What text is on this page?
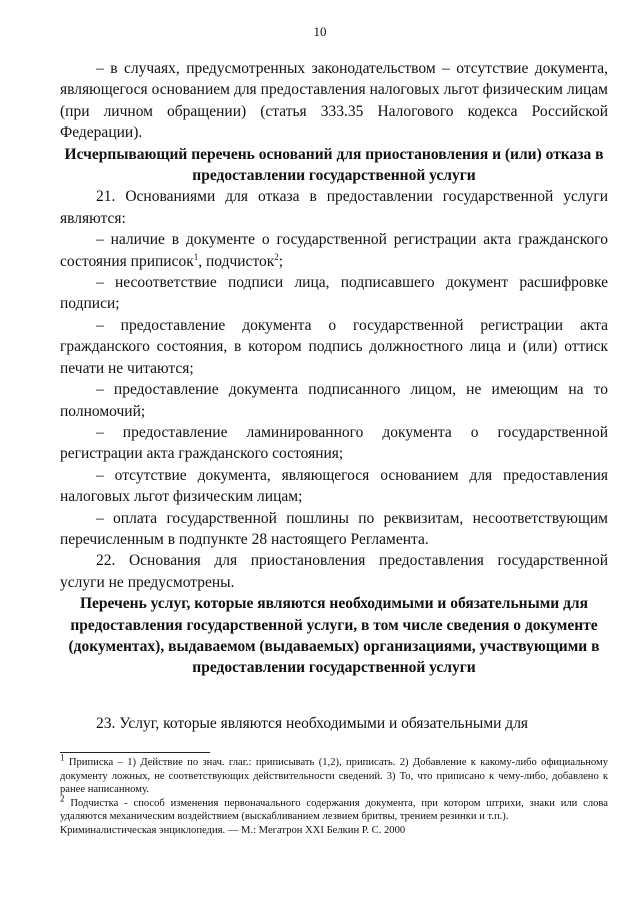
10

– в случаях, предусмотренных законодательством – отсутствие документа, являющегося основанием для предоставления налоговых льгот физическим лицам (при личном обращении) (статья 333.35 Налогового кодекса Российской Федерации).

Исчерпывающий перечень оснований для приостановления и (или) отказа в предоставлении государственной услуги

21. Основаниями для отказа в предоставлении государственной услуги являются:

– наличие в документе о государственной регистрации акта гражданского состояния приписок$^1$, подчисток$^2$;

– несоответствие подписи лица, подписавшего документ расшифровке подписи;

– предоставление документа о государственной регистрации акта гражданского состояния, в котором подпись должностного лица и (или) оттиск печати не читаются;

– предоставление документа подписанного лицом, не имеющим на то полномочий;

– предоставление ламинированного документа о государственной регистрации акта гражданского состояния;

– отсутствие документа, являющегося основанием для предоставления налоговых льгот физическим лицам;

– оплата государственной пошлины по реквизитам, несоответствующим перечисленным в подпункте 28 настоящего Регламента.

22. Основания для приостановления предоставления государственной услуги не предусмотрены.

Перечень услуг, которые являются необходимыми и обязательными для предоставления государственной услуги, в том числе сведения о документе (документах), выдаваемом (выдаваемых) организациями, участвующими в предоставлении государственной услуги

23. Услуг, которые являются необходимыми и обязательными для

$^1$ Приписка – 1) Действие по знач. глаг.: приписывать (1,2), приписать. 2) Добавление к какому-либо официальному документу ложных, не соответствующих действительности сведений. 3) То, что приписано к чему-либо, добавлено к ранее написанному.

$^2$ Подчистка - способ изменения первоначального содержания документа, при котором штрихи, знаки или слова удаляются механическим воздействием (выскабливанием лезвием бритвы, трением резинки и т.п.).

Криминалистическая энциклопедия. — М.: Мегатрон XXI Белкин Р. С. 2000
